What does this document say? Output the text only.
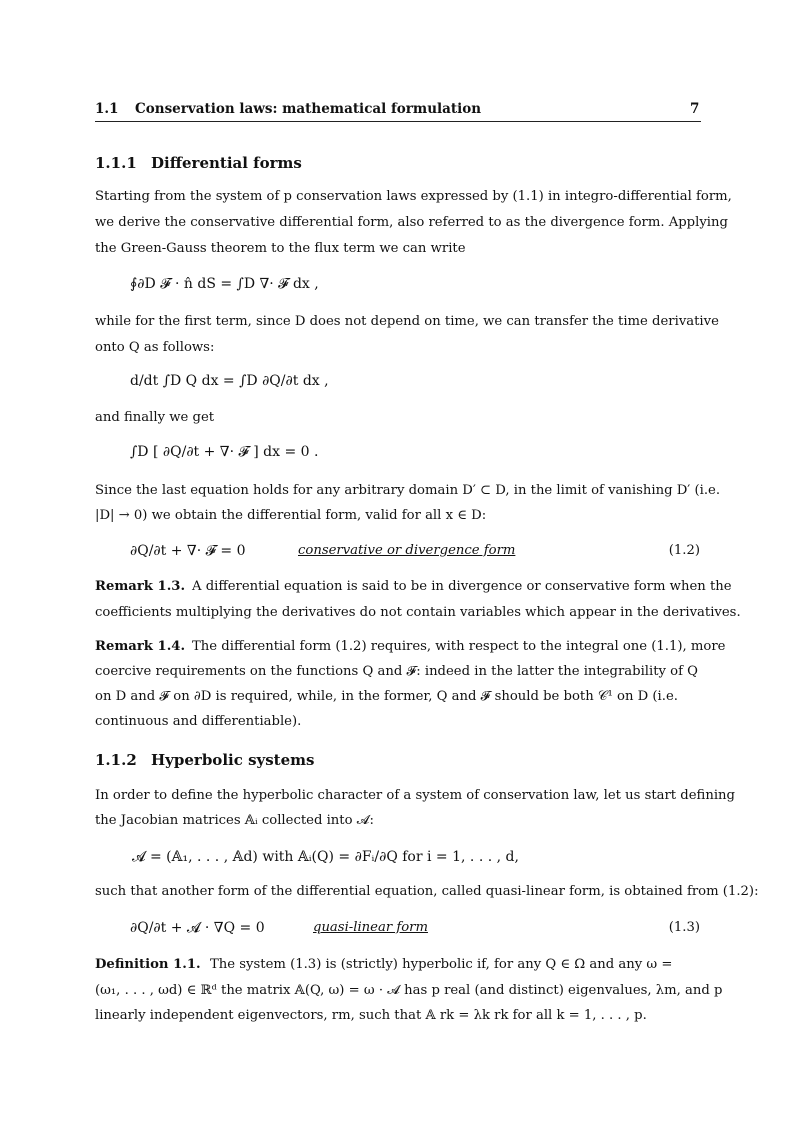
1.1 Conservation laws: mathematical formulation	7
1.1.1 Differential forms
Starting from the system of p conservation laws expressed by (1.1) in integro-differential form,
we derive the conservative differential form, also referred to as the divergence form. Applying
the Green-Gauss theorem to the flux term we can write
∮∂D 𝓕 · n̂ dS = ∫D ∇· 𝓕 dx ,
while for the first term, since D does not depend on time, we can transfer the time derivative
onto Q as follows:
d/dt ∫D Q dx = ∫D ∂Q/∂t dx ,
and finally we get
∫D [ ∂Q/∂t + ∇· 𝓕 ] dx = 0 .
Since the last equation holds for any arbitrary domain D′ ⊂ D, in the limit of vanishing D′ (i.e.
|D| → 0) we obtain the differential form, valid for all x ∈ D:
∂Q/∂t + ∇· 𝓕 = 0	conservative or divergence form	(1.2)
Remark 1.3. A differential equation is said to be in divergence or conservative form when the
coefficients multiplying the derivatives do not contain variables which appear in the derivatives.
Remark 1.4. The differential form (1.2) requires, with respect to the integral one (1.1), more
coercive requirements on the functions Q and 𝓕: indeed in the latter the integrability of Q
on D and 𝓕 on ∂D is required, while, in the former, Q and 𝓕 should be both 𝒞¹ on D (i.e.
continuous and differentiable).
1.1.2 Hyperbolic systems
In order to define the hyperbolic character of a system of conservation law, let us start defining
the Jacobian matrices 𝔸ᵢ collected into 𝓐:
𝓐 = (𝔸₁, . . . , 𝔸d) with 𝔸ᵢ(Q) = ∂Fᵢ/∂Q for i = 1, . . . , d,
such that another form of the differential equation, called quasi-linear form, is obtained from (1.2):
∂Q/∂t + 𝓐 · ∇Q = 0	quasi-linear form	(1.3)
Definition 1.1. The system (1.3) is (strictly) hyperbolic if, for any Q ∈ Ω and any ω =
(ω₁, . . . , ωd) ∈ ℝᵈ the matrix 𝔸(Q, ω) = ω · 𝓐 has p real (and distinct) eigenvalues, λm, and p
linearly independent eigenvectors, rm, such that 𝔸 rk = λk rk for all k = 1, . . . , p.
